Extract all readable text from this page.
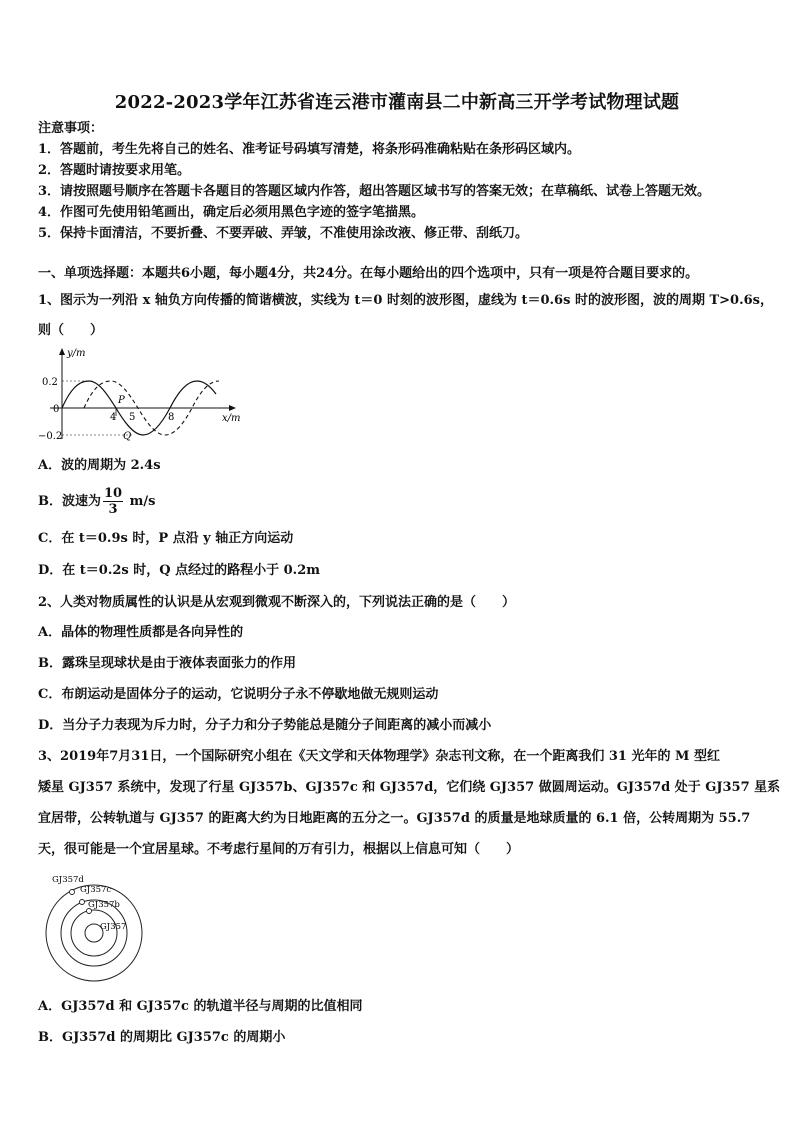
2022-2023学年江苏省连云港市灌南县二中新高三开学考试物理试题
注意事项：
1．答题前，考生先将自己的姓名、准考证号码填写清楚，将条形码准确粘贴在条形码区域内。
2．答题时请按要求用笔。
3．请按照题号顺序在答题卡各题目的答题区域内作答，超出答题区域书写的答案无效；在草稿纸、试卷上答题无效。
4．作图可先使用铅笔画出，确定后必须用黑色字迹的签字笔描黑。
5．保持卡面清洁，不要折叠、不要弄破、弄皱，不准使用涂改液、修正带、刮纸刀。
一、单项选择题：本题共6小题，每小题4分，共24分。在每小题给出的四个选项中，只有一项是符合题目要求的。
1、图示为一列沿 x 轴负方向传播的简谐横波，实线为 t＝0 时刻的波形图，虚线为 t＝0.6s 时的波形图，波的周期 T>0.6s，
则（　　）
y/m
x/m
0.2
−0.2
0
4 5	8
P
Q
A．波的周期为 2.4s
B．波速为 $\frac{10}{3} m/s$
C．在 t＝0.9s 时，P 点沿 y 轴正方向运动
D．在 t＝0.2s 时，Q 点经过的路程小于 0.2m
2、人类对物质属性的认识是从宏观到微观不断深入的，下列说法正确的是（　　）
A．晶体的物理性质都是各向异性的
B．露珠呈现球状是由于液体表面张力的作用
C．布朗运动是固体分子的运动，它说明分子永不停歇地做无规则运动
D．当分子力表现为斥力时，分子力和分子势能总是随分子间距离的减小而减小
3、2019年7月31日，一个国际研究小组在《天文学和天体物理学》杂志刊文称，在一个距离我们 31 光年的 M 型红
矮星 GJ357 系统中，发现了行星 GJ357b、GJ357c 和 GJ357d，它们绕 GJ357 做圆周运动。GJ357d 处于 GJ357 星系
宜居带，公转轨道与 GJ357 的距离大约为日地距离的五分之一。GJ357d 的质量是地球质量的 6.1 倍，公转周期为 55.7
天，很可能是一个宜居星球。不考虑行星间的万有引力，根据以上信息可知（　　）
GJ357d
GJ357c
GJ357b
GJ357
A．GJ357d 和 GJ357c 的轨道半径与周期的比值相同
B．GJ357d 的周期比 GJ357c 的周期小
